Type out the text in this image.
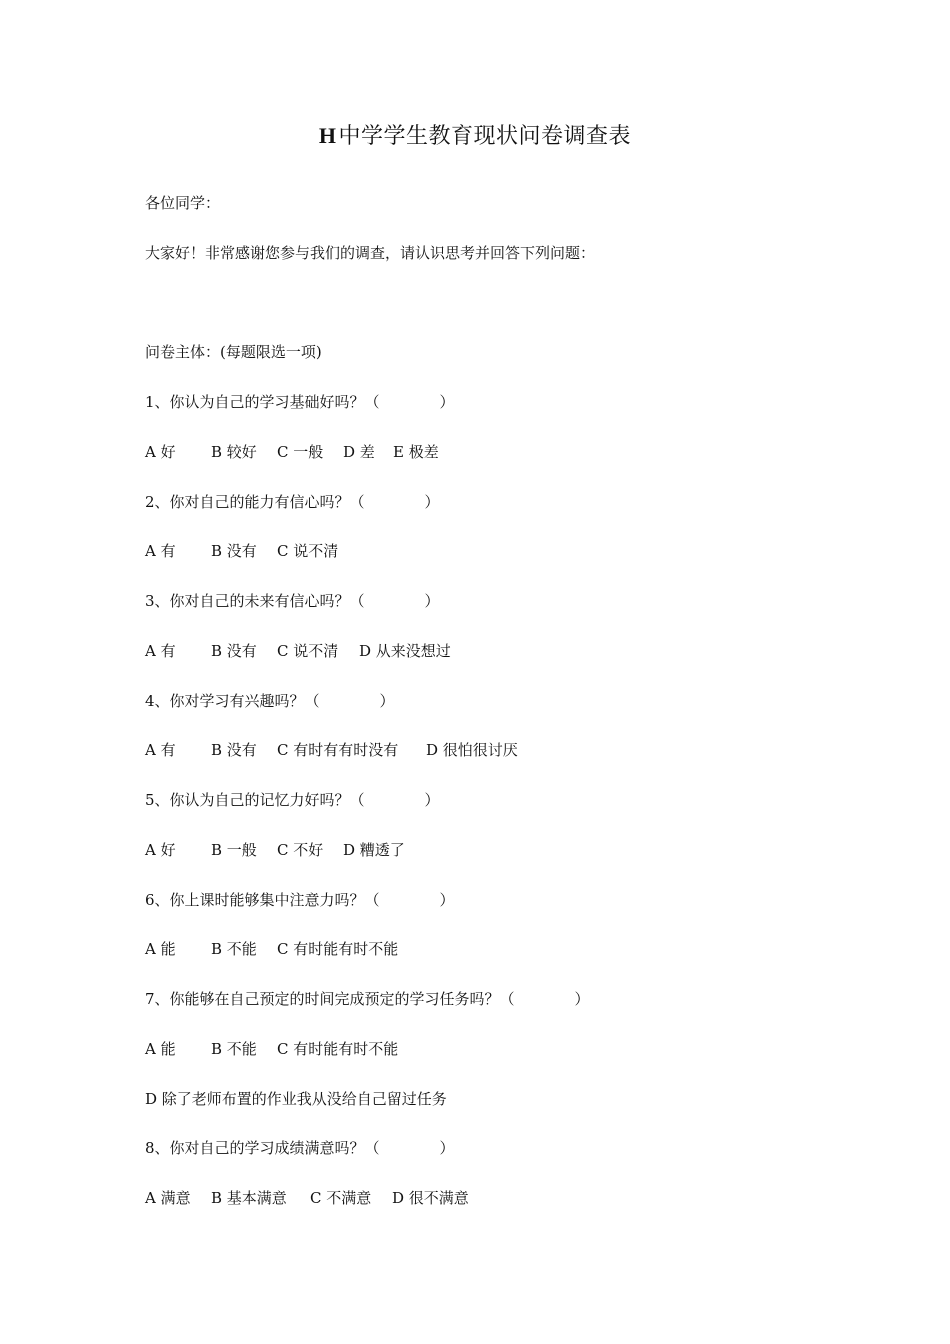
H中学学生教育现状问卷调查表
各位同学：
大家好！非常感谢您参与我们的调查，请认识思考并回答下列问题：
问卷主体：(每题限选一项)
1、你认为自己的学习基础好吗？（　　　　）
A 好	B 较好	C 一般	D 差	E 极差
2、你对自己的能力有信心吗？（　　　　）
A 有	B 没有	C 说不清
3、你对自己的未来有信心吗？（　　　　）
A 有	B 没有	C 说不清	D 从来没想过
4、你对学习有兴趣吗？（　　　　）
A 有	B 没有	C 有时有有时没有	D 很怕很讨厌
5、你认为自己的记忆力好吗？（　　　　）
A 好	B 一般	C 不好	D 糟透了
6、你上课时能够集中注意力吗？（　　　　）
A 能	B 不能	C 有时能有时不能
7、你能够在自己预定的时间完成预定的学习任务吗？（　　　　）
A 能	B 不能	C 有时能有时不能
D 除了老师布置的作业我从没给自己留过任务
8、你对自己的学习成绩满意吗？（　　　　）
A 满意	B 基本满意	C 不满意	D 很不满意
